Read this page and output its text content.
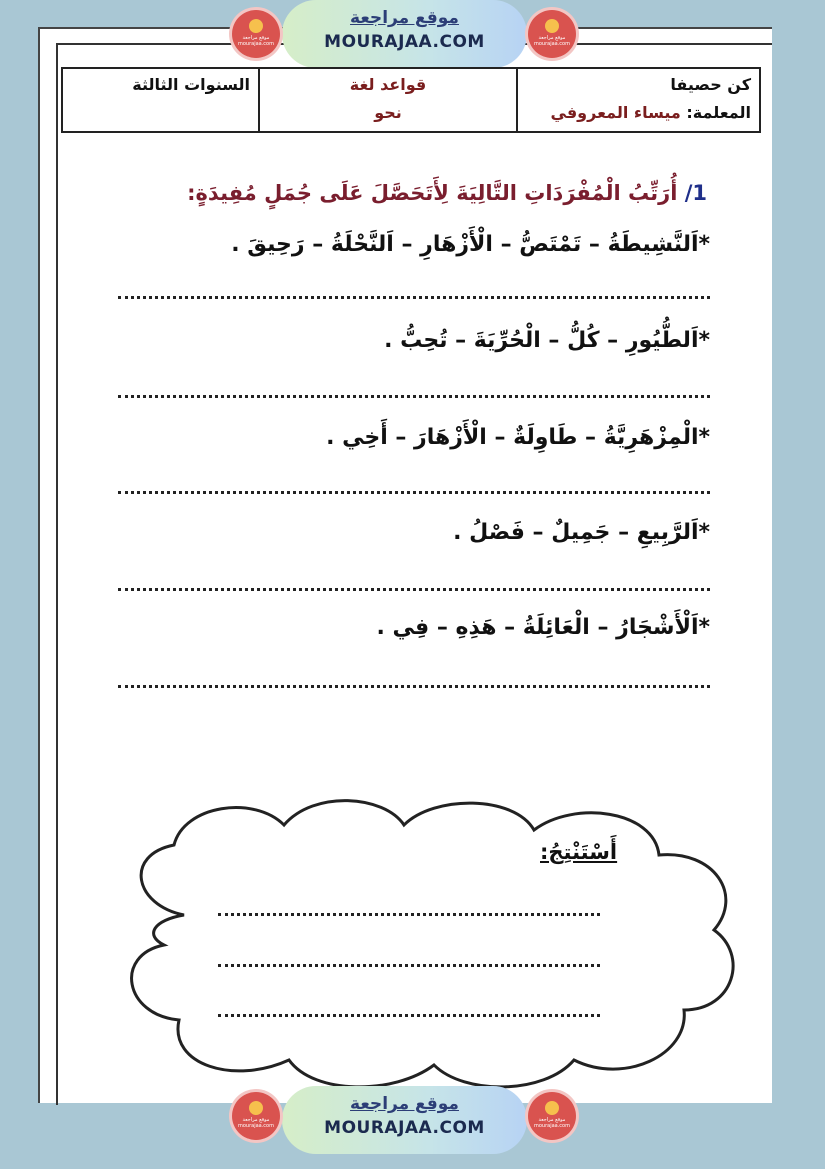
موقع مراجعة
MOURAJAA.COM
موقع مراجعة
mourajaa.com
موقع مراجعة
mourajaa.com
كن حصيفا
المعلمة: ميساء المعروفي
قواعد لغة
نحو
السنوات الثالثة
1/ أُرَتِّبُ الْمُفْرَدَاتِ التَّالِيَةَ لِأَتَحَصَّلَ عَلَى جُمَلٍ مُفِيدَةٍ:
*اَلنَّشِيطَةُ – تَمْتَصُّ – الْأَزْهَارِ – اَلنَّحْلَةُ – رَحِيقَ .
*اَلطُّيُورِ – كُلُّ – الْحُرِّيَةَ – تُحِبُّ .
*الْمِزْهَرِيَّةُ – طَاوِلَةٌ – الْأَزْهَارَ – أَخِي .
*اَلرَّبِيعِ – جَمِيلٌ – فَصْلُ .
*اَلْأَشْجَارُ – الْعَائِلَةُ – هَذِهِ – فِي .
أَسْتَنْتِجُ:
موقع مراجعة
MOURAJAA.COM
موقع مراجعة
mourajaa.com
موقع مراجعة
mourajaa.com
